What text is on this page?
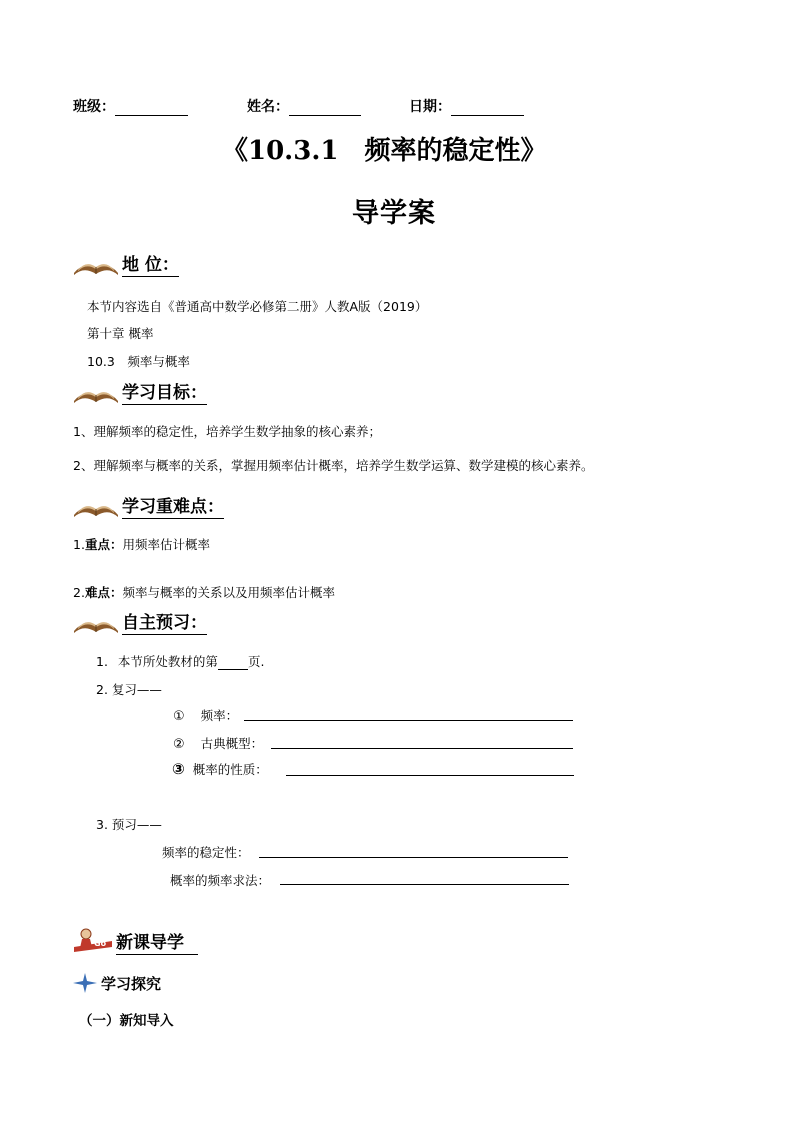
班级：	姓名：	日期：
《10.3.1　频率的稳定性》
导学案
地 位：
本节内容选自《普通高中数学必修第二册》人教A版（2019）
第十章 概率
10.3　频率与概率
学习目标：
1、理解频率的稳定性，培养学生数学抽象的核心素养；
2、理解频率与概率的关系，掌握用频率估计概率，培养学生数学运算、数学建模的核心素养。
学习重难点：
1.重点：用频率估计概率
2.难点：频率与概率的关系以及用频率估计概率
自主预习：
1. 本节所处教材的第 页.
2. 复习——
① 频率：
② 古典概型：
③ 概率的性质：
3. 预习——
频率的稳定性：
概率的频率求法：
Go 新课导学
学习探究
（一）新知导入
